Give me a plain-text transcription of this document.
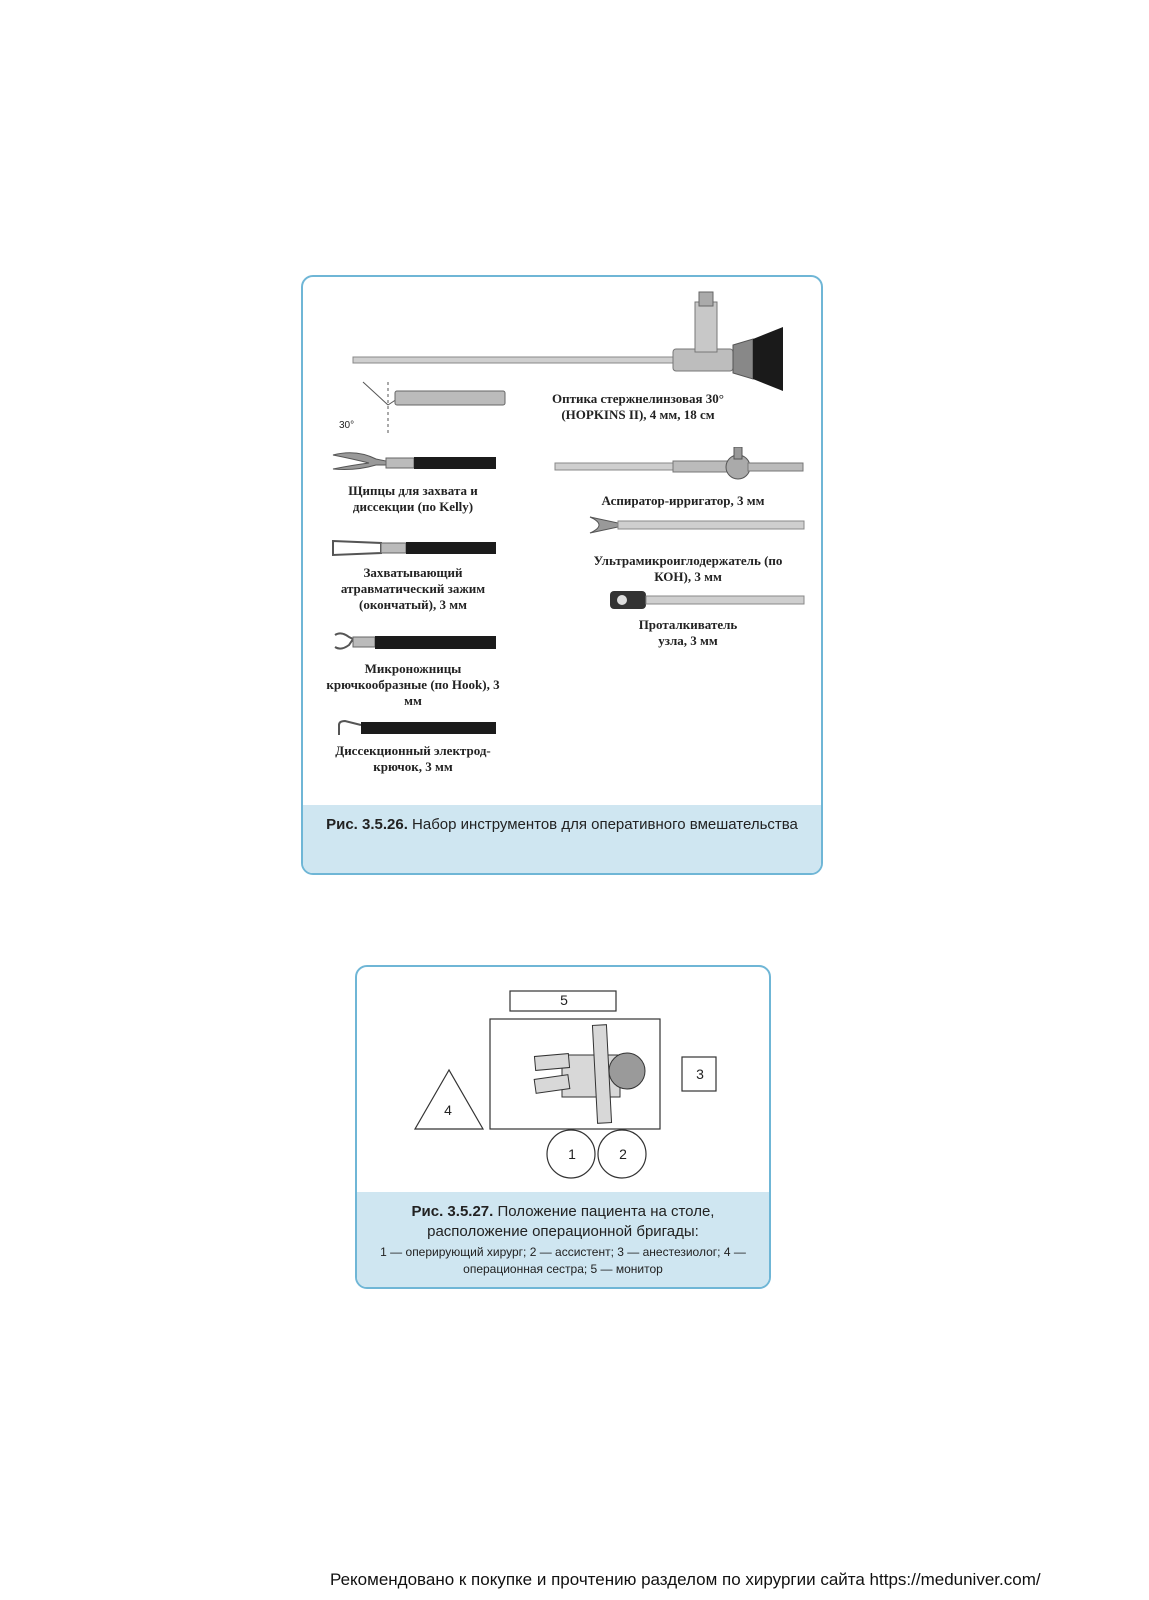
30°
Оптика стержнелинзовая 30° (HOPKINS II), 4 мм, 18 см
Щипцы для захвата и диссекции (по Kelly)
Захватывающий атравматический зажим (окончатый), 3 мм
Микроножницы крючкообразные (по Hook), 3 мм
Диссекционный электрод-крючок, 3 мм
Аспиратор-ирригатор, 3 мм
Ультрамикроиглодержатель (по КОН), 3 мм
Проталкиватель узла, 3 мм
Рис. 3.5.26. Набор инструментов для оперативного вмешательства
5
3
4
1	2
Рис. 3.5.27. Положение пациента на столе, расположение операционной бригады:
1 — оперирующий хирург; 2 — ассистент; 3 — анестезиолог; 4 — операционная сестра; 5 — монитор
Рекомендовано к покупке и прочтению разделом по хирургии сайта https://meduniver.com/
